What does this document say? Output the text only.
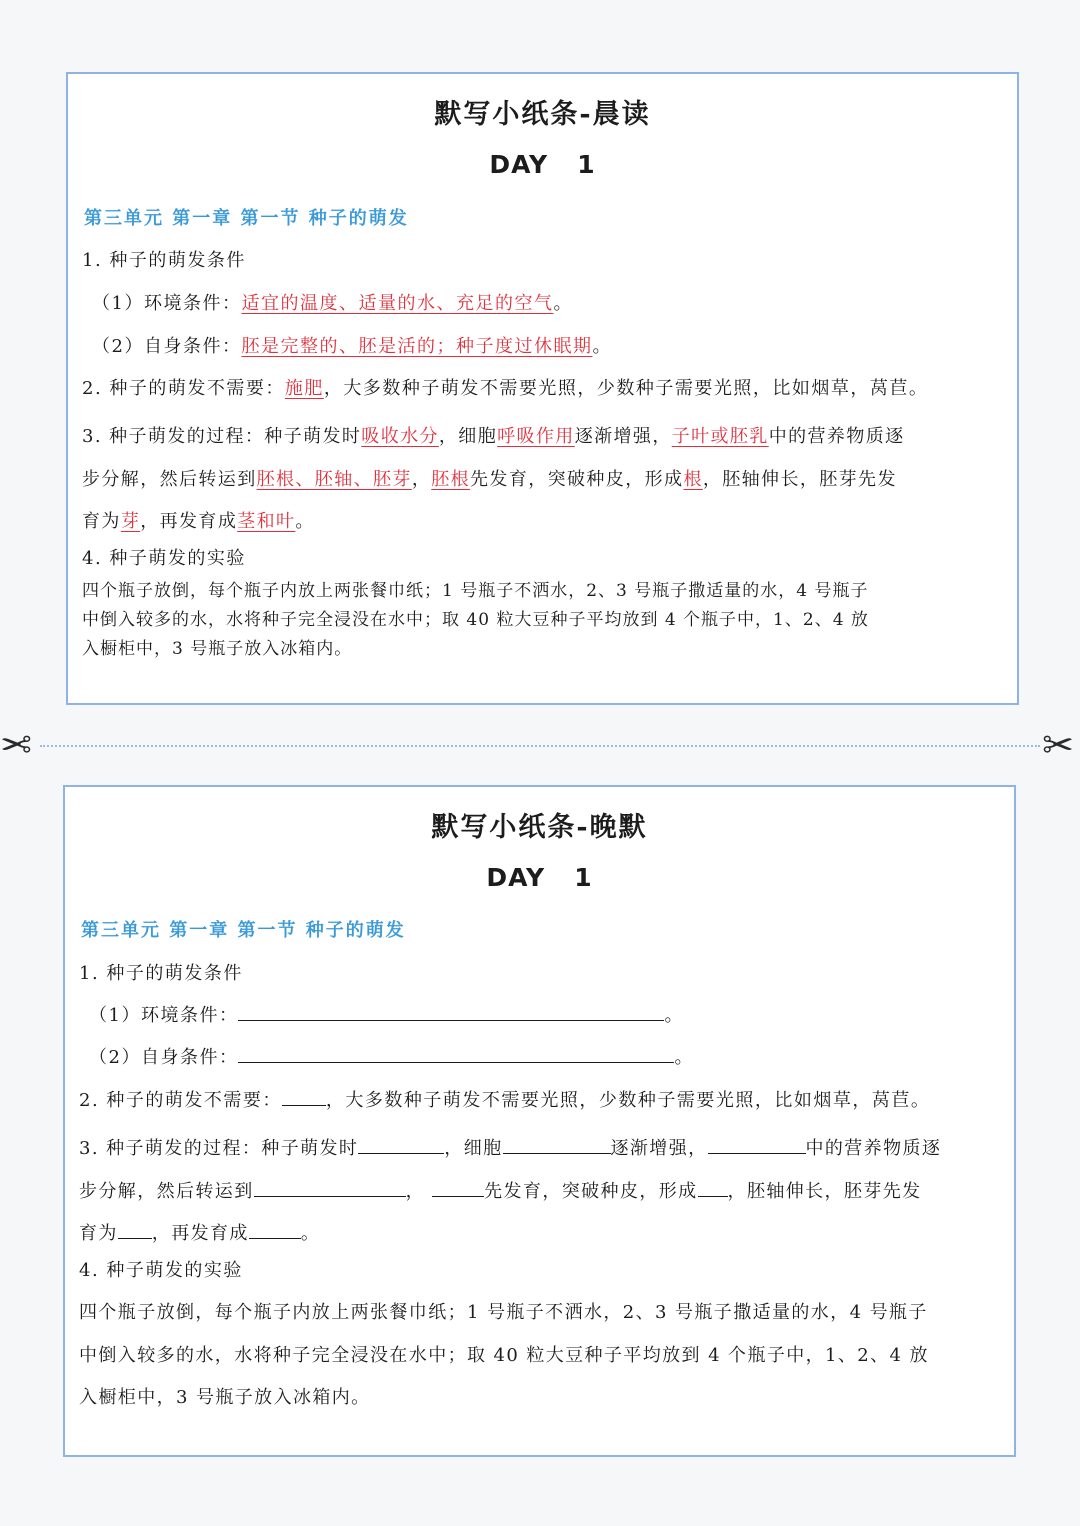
默写小纸条-晨读
DAY   1
第三单元 第一章 第一节 种子的萌发
1. 种子的萌发条件
（1）环境条件：适宜的温度、适量的水、充足的空气。
（2）自身条件：胚是完整的、胚是活的；种子度过休眠期。
2. 种子的萌发不需要：施肥，大多数种子萌发不需要光照，少数种子需要光照，比如烟草，莴苣。
3. 种子萌发的过程：种子萌发时吸收水分，细胞呼吸作用逐渐增强，子叶或胚乳中的营养物质逐
步分解，然后转运到胚根、胚轴、胚芽，胚根先发育，突破种皮，形成根，胚轴伸长，胚芽先发
育为芽，再发育成茎和叶。
4. 种子萌发的实验
四个瓶子放倒，每个瓶子内放上两张餐巾纸；1 号瓶子不洒水，2、3 号瓶子撒适量的水，4 号瓶子
中倒入较多的水，水将种子完全浸没在水中；取 40 粒大豆种子平均放到 4 个瓶子中，1、2、4 放
入橱柜中，3 号瓶子放入冰箱内。
✂	✂
默写小纸条-晚默
DAY   1
第三单元 第一章 第一节 种子的萌发
1. 种子的萌发条件
（1）环境条件：	。
（2）自身条件：	。
2. 种子的萌发不需要： ，大多数种子萌发不需要光照，少数种子需要光照，比如烟草，莴苣。
3. 种子萌发的过程：种子萌发时	，细胞	逐渐增强，	中的营养物质逐
步分解，然后转运到	，	先发育，突破种皮，形成 ，胚轴伸长，胚芽先发
育为 ，再发育成	。
4. 种子萌发的实验
四个瓶子放倒，每个瓶子内放上两张餐巾纸；1 号瓶子不洒水，2、3 号瓶子撒适量的水，4 号瓶子
中倒入较多的水，水将种子完全浸没在水中；取 40 粒大豆种子平均放到 4 个瓶子中，1、2、4 放
入橱柜中，3 号瓶子放入冰箱内。
